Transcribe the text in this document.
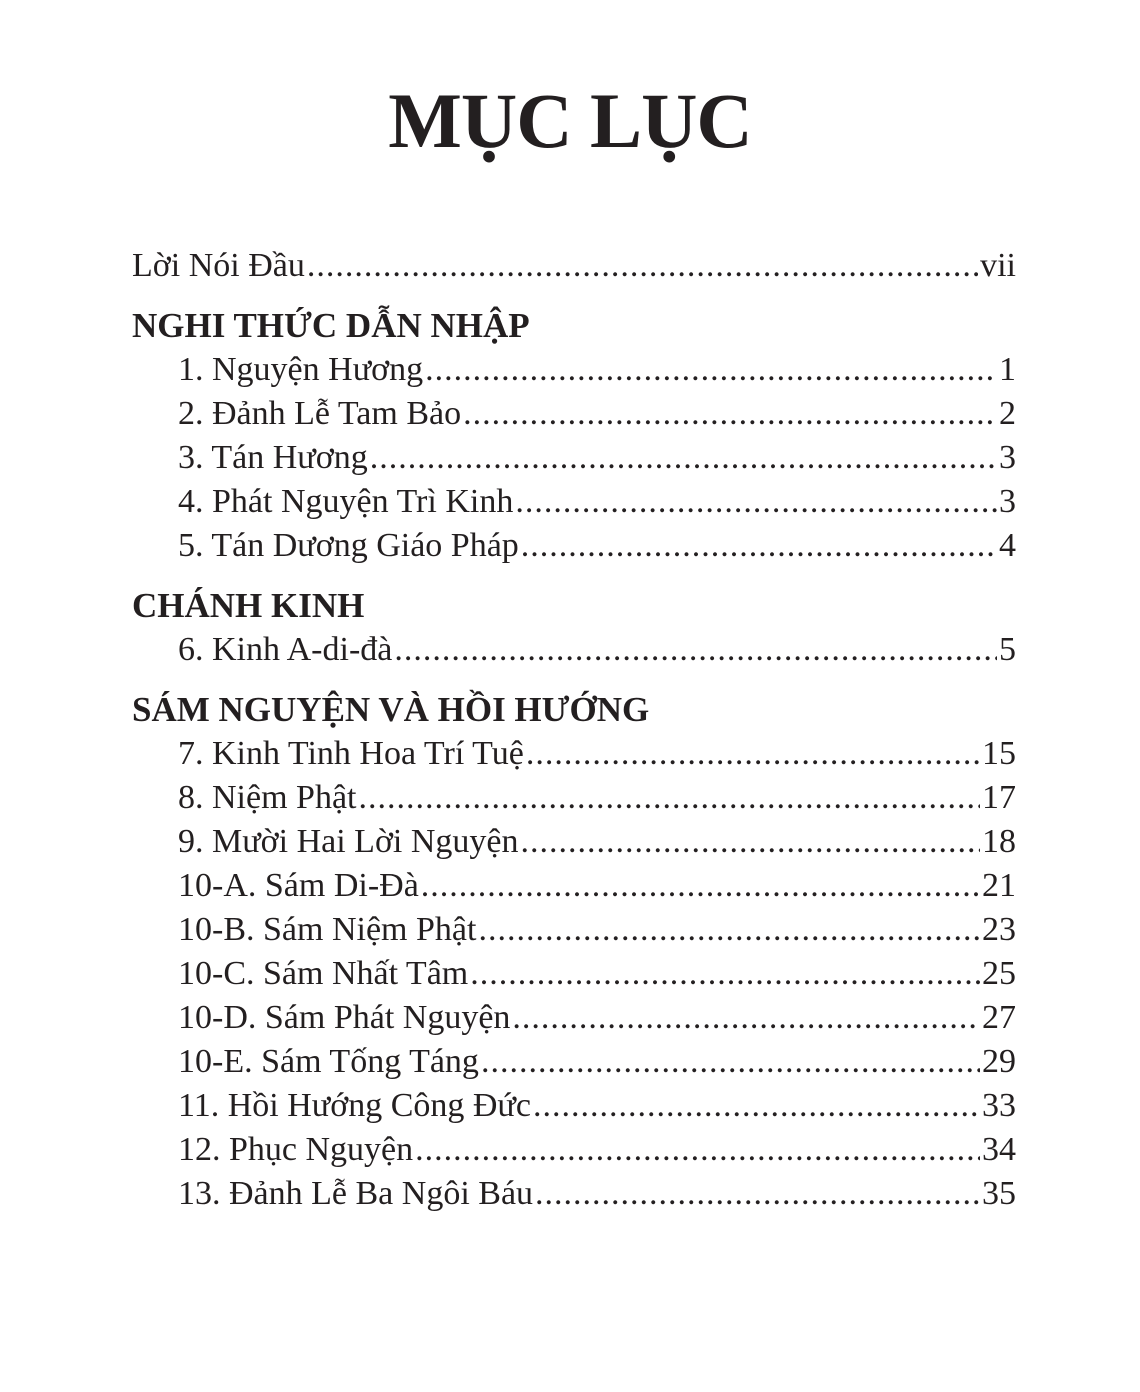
MỤC LỤC
Lời Nói Đầu .....	vii
NGHI THỨC DẪN NHẬP
1. Nguyện Hương .....	1
2. Đảnh Lễ Tam Bảo .....	2
3. Tán Hương .....	3
4. Phát Nguyện Trì Kinh .....	3
5. Tán Dương Giáo Pháp .....	4
CHÁNH KINH
6. Kinh A-di-đà .....	5
SÁM NGUYỆN VÀ HỒI HƯỚNG
7. Kinh Tinh Hoa Trí Tuệ .....	15
8. Niệm Phật .....	17
9. Mười Hai Lời Nguyện .....	18
10-A. Sám Di-Đà .....	21
10-B. Sám Niệm Phật .....	23
10-C. Sám Nhất Tâm .....	25
10-D. Sám Phát Nguyện .....	27
10-E. Sám Tống Táng .....	29
11. Hồi Hướng Công Đức .....	33
12. Phục Nguyện .....	34
13. Đảnh Lễ Ba Ngôi Báu .....	35
